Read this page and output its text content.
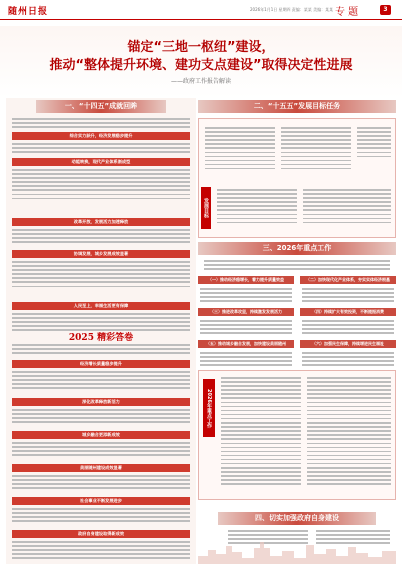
随州日报	2026年1月1日 星期四 责编：某某 美编：某某 专 题	3
锚定“三地一枢纽”建设，
推动“整体提升环境、建功支点建设”取得决定性进展
——政府工作报告解读
一、“十四五”成就回眸
综合实力跃升，经济发展稳步提升
动能转换，现代产业体系渐成型
改革开放，发展活力加速释放
协调发展，城乡发展成效显著
人民至上，幸福生活更有保障
2025 精彩答卷
经济增长质量稳步提升
深化改革释放新活力
城乡融合更添新成效
美丽随州建设成效显著
社会事业不断发展进步
政府自身建设取得新成效
二、“十五五”发展目标任务
发展目标
三、2026年重点工作
（一）推动经济稳增长，着力提升质量效益	（二）加快现代化产业体系，夯实实体经济根基
（三）推进改革攻坚，持续激发发展活力	（四）持续扩大有效投资，不断提振消费
（五）推动城乡融合发展，加快建设美丽随州	（六）加强民生保障，持续增进民生福祉
2026年重点工作
四、切实加强政府自身建设
